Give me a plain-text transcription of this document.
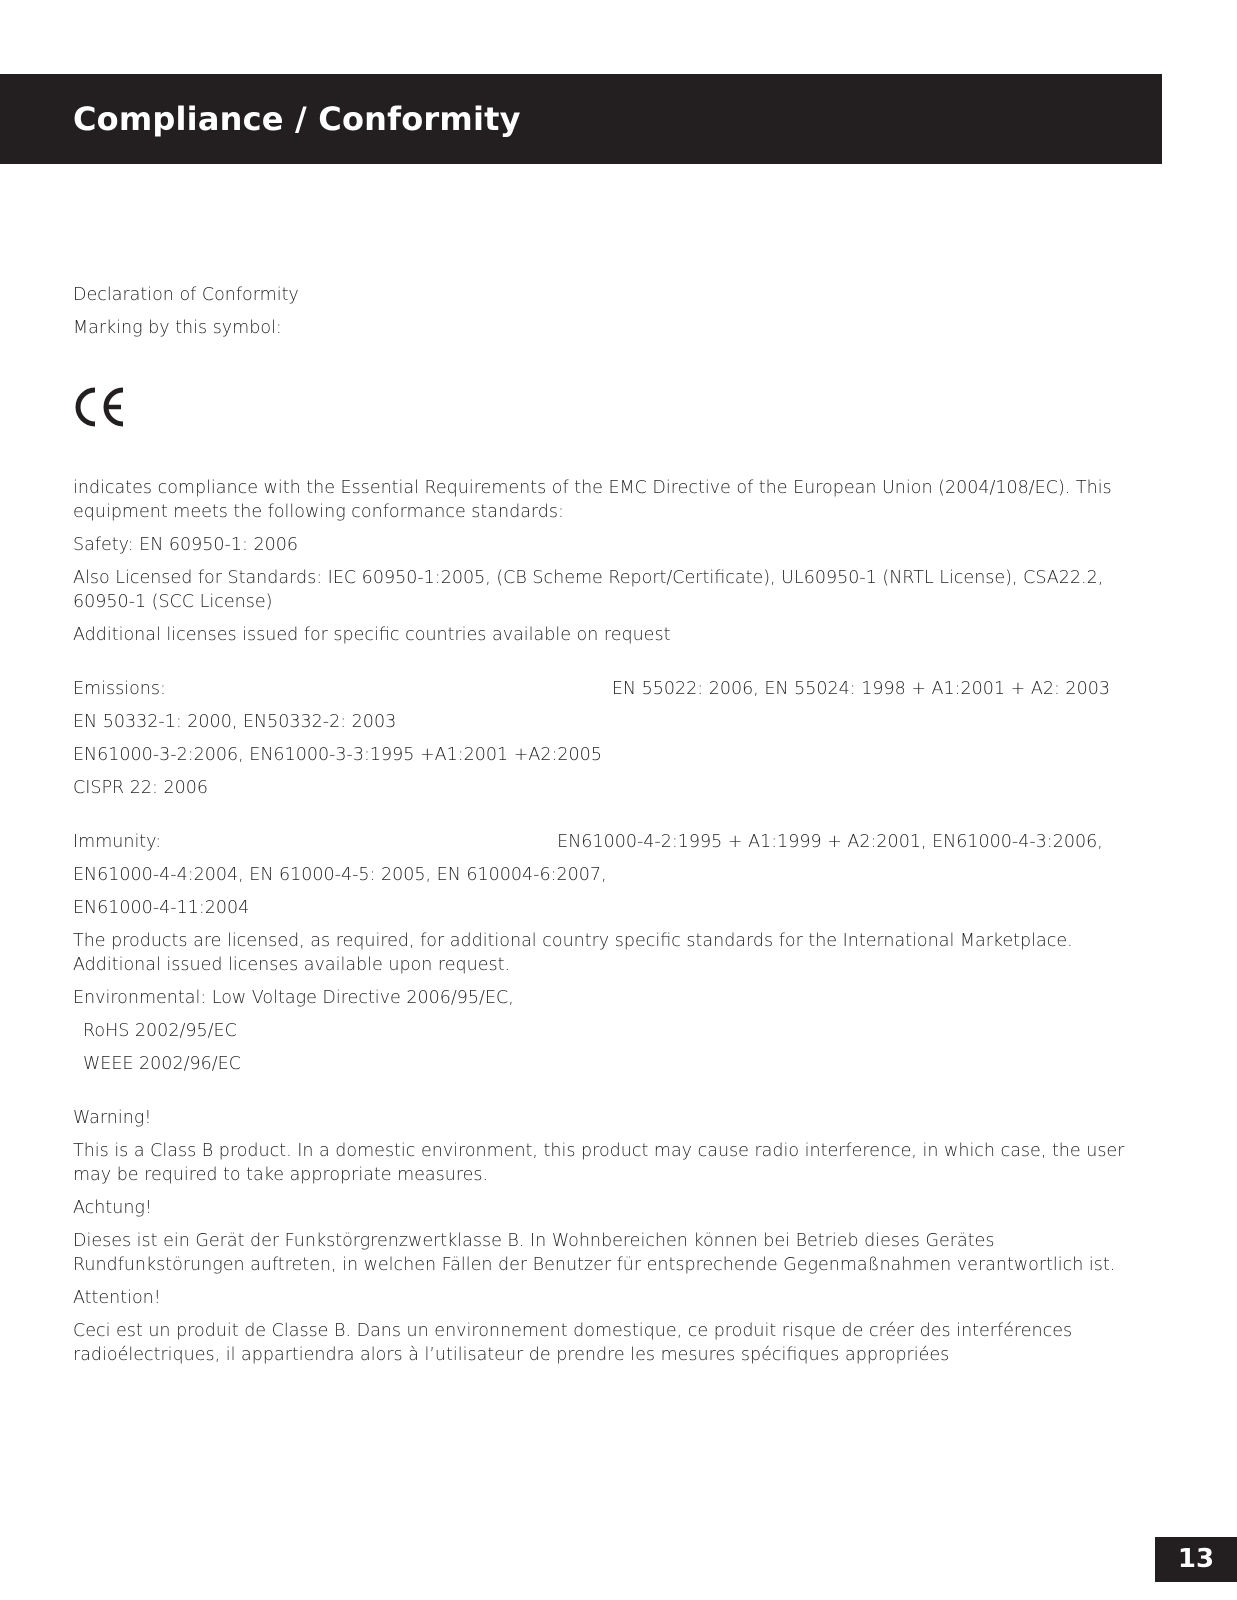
Compliance / Conformity

Declaration of Conformity

Marking by this symbol:

indicates compliance with the Essential Requirements of the EMC Directive of the European Union (2004/108/EC). This equipment meets the following conformance standards:

Safety: EN 60950-1: 2006

Also Licensed for Standards: IEC 60950-1:2005, (CB Scheme Report/Certificate), UL60950-1 (NRTL License), CSA22.2, 60950-1 (SCC License)

Additional licenses issued for specific countries available on request

Emissions:	EN 55022: 2006, EN 55024: 1998 + A1:2001 + A2: 2003

EN 50332-1: 2000, EN50332-2: 2003

EN61000-3-2:2006, EN61000-3-3:1995 +A1:2001 +A2:2005

CISPR 22: 2006

Immunity:	EN61000-4-2:1995 + A1:1999 + A2:2001, EN61000-4-3:2006,

EN61000-4-4:2004, EN 61000-4-5: 2005, EN 610004-6:2007,

EN61000-4-11:2004

The products are licensed, as required, for additional country specific standards for the International Marketplace. Additional issued licenses available upon request.

Environmental: Low Voltage Directive 2006/95/EC,

RoHS 2002/95/EC

WEEE 2002/96/EC

Warning!

This is a Class B product. In a domestic environment, this product may cause radio interference, in which case, the user may be required to take appropriate measures.

Achtung!

Dieses ist ein Gerät der Funkstörgrenzwertklasse B. In Wohnbereichen können bei Betrieb dieses Gerätes Rundfunkstörungen auftreten, in welchen Fällen der Benutzer für entsprechende Gegenmaßnahmen verantwortlich ist.

Attention!

Ceci est un produit de Classe B. Dans un environnement domestique, ce produit risque de créer des interférences radioélectriques, il appartiendra alors à l’utilisateur de prendre les mesures spécifiques appropriées

13
